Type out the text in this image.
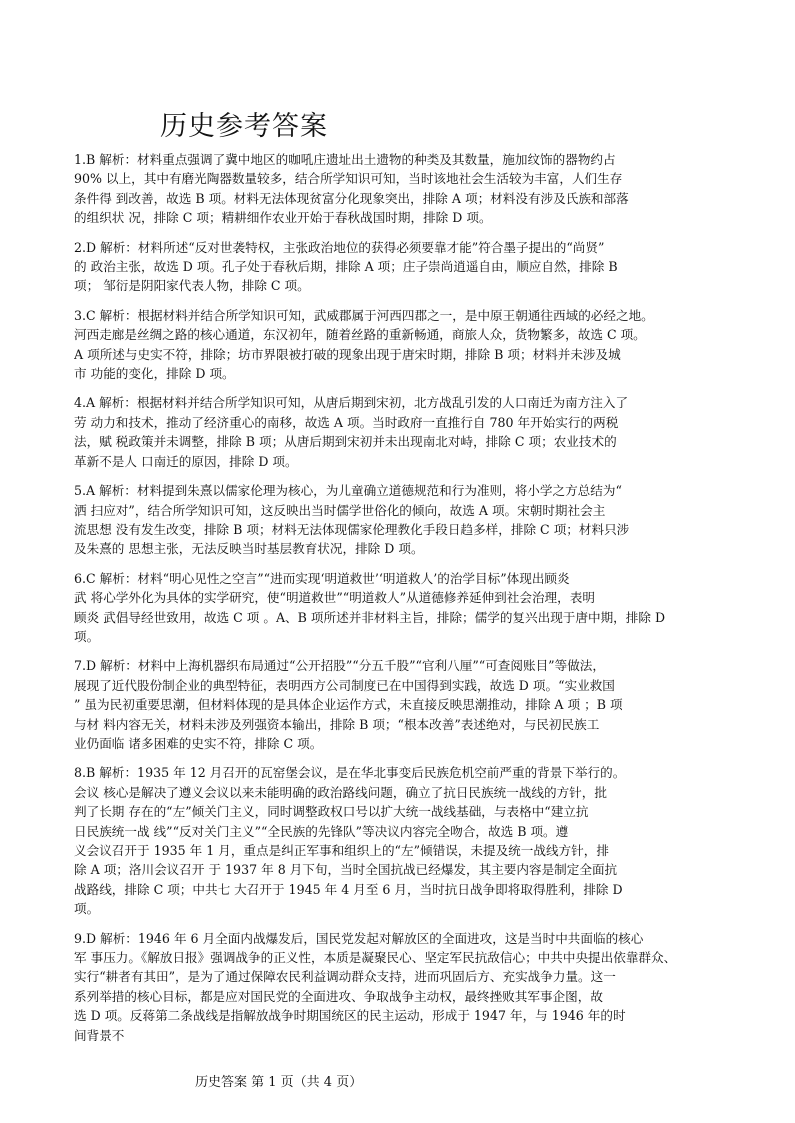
历史参考答案
1.B 解析：材料重点强调了冀中地区的咖吼庄遗址出土遗物的种类及其数量，施加纹饰的器物约占
90% 以上，其中有磨光陶器数量较多，结合所学知识可知，当时该地社会生活较为丰富，人们生存
条件得 到改善，故选 B 项。材料无法体现贫富分化现象突出，排除 A 项；材料没有涉及氏族和部落
的组织状 况，排除 C 项；精耕细作农业开始于春秋战国时期，排除 D 项。
2.D 解析：材料所述“反对世袭特权，主张政治地位的获得必须要靠才能”符合墨子提出的“尚贤”
的 政治主张，故选 D 项。孔子处于春秋后期，排除 A 项；庄子崇尚逍遥自由，顺应自然，排除 B
项； 邹衍是阴阳家代表人物，排除 C 项。
3.C 解析：根据材料并结合所学知识可知，武威郡属于河西四郡之一，是中原王朝通往西域的必经之地。
河西走廊是丝绸之路的核心通道，东汉初年，随着丝路的重新畅通，商旅人众，货物繁多，故选 C 项。
A 项所述与史实不符，排除；坊市界限被打破的现象出现于唐宋时期，排除 B 项；材料并未涉及城
市 功能的变化，排除 D 项。
4.A 解析：根据材料并结合所学知识可知，从唐后期到宋初，北方战乱引发的人口南迁为南方注入了
劳 动力和技术，推动了经济重心的南移，故选 A 项。当时政府一直推行自 780 年开始实行的两税
法，赋 税政策并未调整，排除 B 项；从唐后期到宋初并未出现南北对峙，排除 C 项；农业技术的
革新不是人 口南迁的原因，排除 D 项。
5.A 解析：材料提到朱熹以儒家伦理为核心，为儿童确立道德规范和行为准则，将小学之方总结为“
洒 扫应对”，结合所学知识可知，这反映出当时儒学世俗化的倾向，故选 A 项。宋朝时期社会主
流思想 没有发生改变，排除 B 项；材料无法体现儒家伦理教化手段日趋多样，排除 C 项；材料只涉
及朱熹的 思想主张，无法反映当时基层教育状况，排除 D 项。
6.C 解析：材料“明心见性之空言”“进而实现‘明道救世’‘明道救人’的治学目标”体现出顾炎
武 将心学外化为具体的实学研究，使“明道救世”“明道救人”从道德修养延伸到社会治理，表明
顾炎 武倡导经世致用，故选 C 项 。A、B 项所述并非材料主旨，排除；儒学的复兴出现于唐中期，排除 D
项。
7.D 解析：材料中上海机器织布局通过“公开招股”“分五千股”“官利八厘”“可查阅账目”等做法，
展现了近代股份制企业的典型特征，表明西方公司制度已在中国得到实践，故选 D 项。“实业救国
” 虽为民初重要思潮，但材料体现的是具体企业运作方式，未直接反映思潮推动，排除 A 项 ；B 项
与材 料内容无关，材料未涉及列强资本输出，排除 B 项；“根本改善”表述绝对，与民初民族工
业仍面临 诸多困难的史实不符，排除 C 项。
8.B 解析：1935 年 12 月召开的瓦窑堡会议，是在华北事变后民族危机空前严重的背景下举行的。
会议 核心是解决了遵义会议以来未能明确的政治路线问题，确立了抗日民族统一战线的方针，批
判了长期 存在的“左”倾关门主义，同时调整政权口号以扩大统一战线基础，与表格中“建立抗
日民族统一战 线”“反对关门主义”“全民族的先锋队”等决议内容完全吻合，故选 B 项。遵
义会议召开于 1935 年 1 月，重点是纠正军事和组织上的“左”倾错误，未提及统一战线方针，排
除 A 项；洛川会议召开 于 1937 年 8 月下旬，当时全国抗战已经爆发，其主要内容是制定全面抗
战路线，排除 C 项；中共七 大召开于 1945 年 4 月至 6 月，当时抗日战争即将取得胜利，排除 D
项。
9.D 解析：1946 年 6 月全面内战爆发后，国民党发起对解放区的全面进攻，这是当时中共面临的核心
军 事压力。《解放日报》强调战争的正义性，本质是凝聚民心、坚定军民抗敌信心；中共中央提出依靠群众、
实行“耕者有其田”，是为了通过保障农民利益调动群众支持，进而巩固后方、充实战争力量。这一
系列举措的核心目标，都是应对国民党的全面进攻、争取战争主动权，最终挫败其军事企图，故
选 D 项。反蒋第二条战线是指解放战争时期国统区的民主运动，形成于 1947 年，与 1946 年的时
间背景不
历史答案 第 1 页（共 4 页）
